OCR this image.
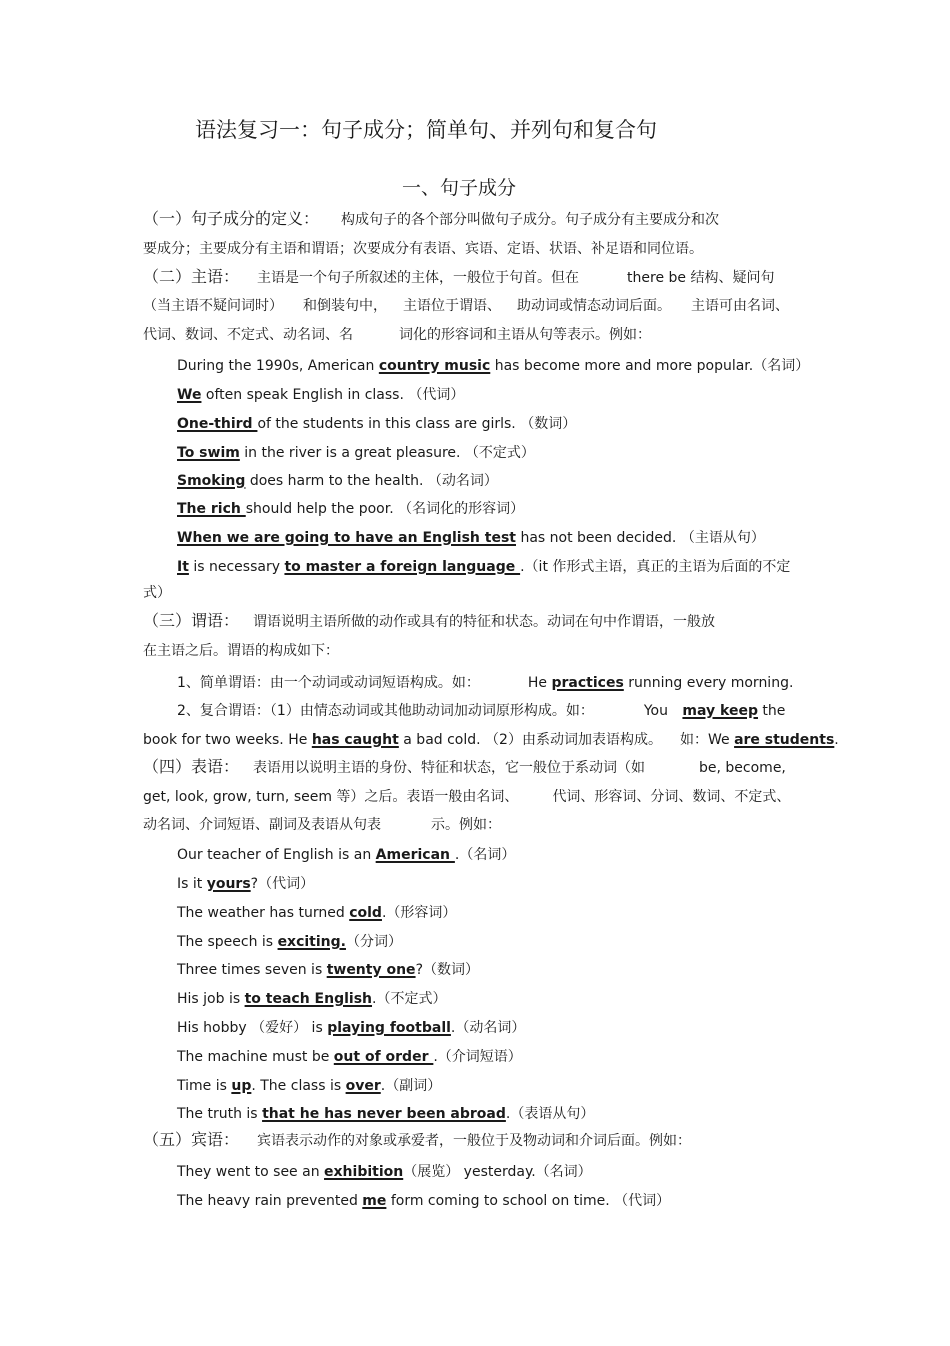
语法复习一：句子成分；简单句、并列句和复合句
一、句子成分
（一）句子成分的定义： 构成句子的各个部分叫做句子成分。句子成分有主要成分和次
要成分；主要成分有主语和谓语；次要成分有表语、宾语、定语、状语、补足语和同位语。
（二）主语： 主语是一个句子所叙述的主体，一般位于句首。但在	there be 结构、疑问句
（当主语不疑问词时） 和倒装句中， 主语位于谓语、 助动词或情态动词后面。 主语可由名词、
代词、数词、不定式、动名词、名	词化的形容词和主语从句等表示。例如：
During the 1990s, American country music has become more and more popular.（名词）
We often speak English in class. （代词）
One-third of the students in this class are girls. （数词）
To swim in the river is a great pleasure. （不定式）
Smoking does harm to the health. （动名词）
The rich should help the poor. （名词化的形容词）
When we are going to have an English test has not been decided. （主语从句）
It is necessary to master a foreign language .（it 作形式主语，真正的主语为后面的不定
式）
（三）谓语： 谓语说明主语所做的动作或具有的特征和状态。动词在句中作谓语，一般放
在主语之后。谓语的构成如下：
1、简单谓语：由一个动词或动词短语构成。如：	He practices running every morning.
2、复合谓语：（1）由情态动词或其他助动词加动词原形构成。如：	You may keep the
book for two weeks. He has caught a bad cold. （2）由系动词加表语构成。 如：We are students.
（四）表语： 表语用以说明主语的身份、特征和状态，它一般位于系动词（如	be, become,
get, look, grow, turn, seem 等）之后。表语一般由名词、 代词、形容词、分词、数词、不定式、
动名词、介词短语、副词及表语从句表	示。例如：
Our teacher of English is an American .（名词）
Is it yours?（代词）
The weather has turned cold.（形容词）
The speech is exciting.（分词）
Three times seven is twenty one?（数词）
His job is to teach English.（不定式）
His hobby （爱好） is playing football.（动名词）
The machine must be out of order .（介词短语）
Time is up. The class is over.（副词）
The truth is that he has never been abroad.（表语从句）
（五）宾语： 宾语表示动作的对象或承爱者，一般位于及物动词和介词后面。例如：
They went to see an exhibition（展览） yesterday.（名词）
The heavy rain prevented me form coming to school on time. （代词）
